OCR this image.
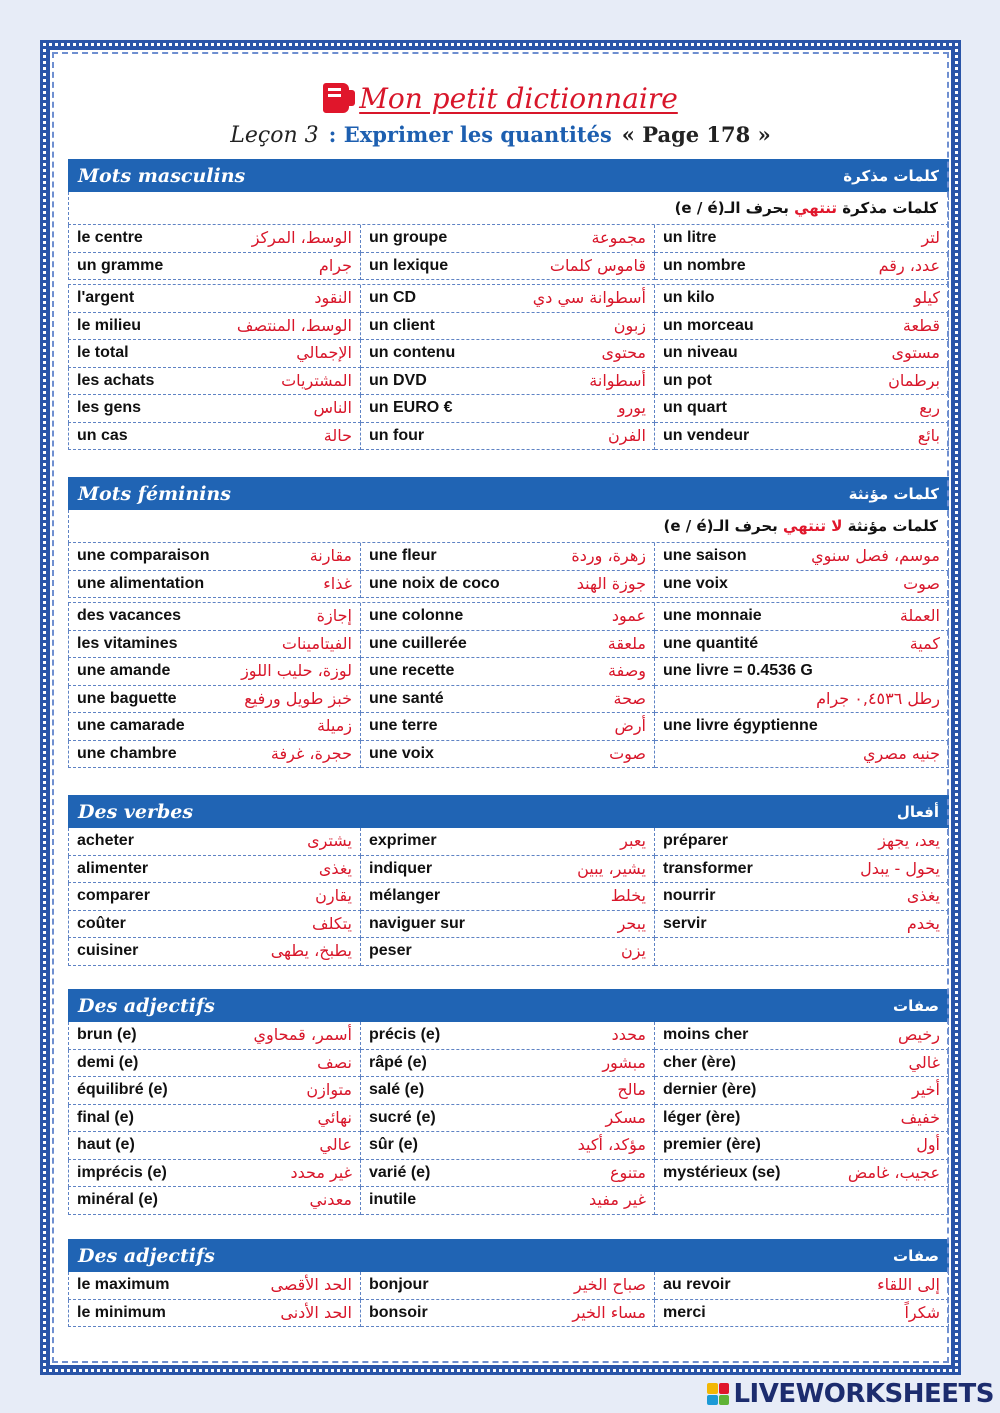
Mon petit dictionnaire
Leçon 3 : Exprimer les quantités « Page 178 »
Mots masculins	كلمات مذكرة
(e / é)	كلمات مذكرة تنتهي بحرف الـ
le centre	الوسط، المركز un groupe	مجموعة un litre	لتر
un gramme	جرام un lexique	قاموس كلمات un nombre	عدد، رقم
l'argent	النقود un CD	أسطوانة سي دي un kilo	كيلو
le milieu	الوسط، المنتصف un client	زبون un morceau	قطعة
le total	الإجمالي un contenu	محتوى un niveau	مستوى
les achats	المشتريات un DVD	أسطوانة un pot	برطمان
les gens	الناس un EURO €	يورو un quart	ربع
un cas	حالة un four	الفرن un vendeur	بائع
Mots féminins	كلمات مؤنثة
(e / é)	كلمات مؤنثة لا تنتهي بحرف الـ
une comparaison	مقارنة une fleur	زهرة، وردة une saison	موسم، فصل سنوي
une alimentation	غذاء une noix de coco	جوزة الهند une voix	صوت
des vacances	إجازة une colonne	عمود une monnaie	العملة
les vitamines	الفيتامينات une cuillerée	ملعقة une quantité	كمية
une amande	لوزة، حليب اللوز une recette	وصفة une livre = 0.4536 G
une baguette	خبز طويل ورفيع une santé	صحة	رطل ٠,٤٥٣٦ جرام
une camarade	زميلة une terre	أرض une livre égyptienne
une chambre	حجرة، غرفة une voix	صوت	جنيه مصري
Des verbes	أفعال
acheter	يشترى exprimer	يعبر préparer	يعد، يجهز
alimenter	يغذى indiquer	يشير، يبين transformer	يحول - يبدل
comparer	يقارن mélanger	يخلط nourrir	يغذى
coûter	يتكلف naviguer sur	يبحر servir	يخدم
cuisiner	يطبخ، يطهى peser	يزن
Des adjectifs	صفات
brun (e)	أسمر، قمحاوي précis (e)	محدد moins cher	رخيص
demi (e)	نصف râpé (e)	مبشور cher (ère)	غالي
équilibré (e)	متوازن salé (e)	مالح dernier (ère)	أخير
final (e)	نهائي sucré (e)	مسكر léger (ère)	خفيف
haut (e)	عالي sûr (e)	مؤكد، أكيد premier (ère)	أول
imprécis (e)	غير محدد varié (e)	متنوع mystérieux (se)	عجيب، غامض
minéral (e)	معدني inutile	غير مفيد
Des adjectifs	صفات
le maximum	الحد الأقصى bonjour	صباح الخير au revoir	إلى اللقاء
le minimum	الحد الأدنى bonsoir	مساء الخير merci	شكراً
LIVEWORKSHEETS
